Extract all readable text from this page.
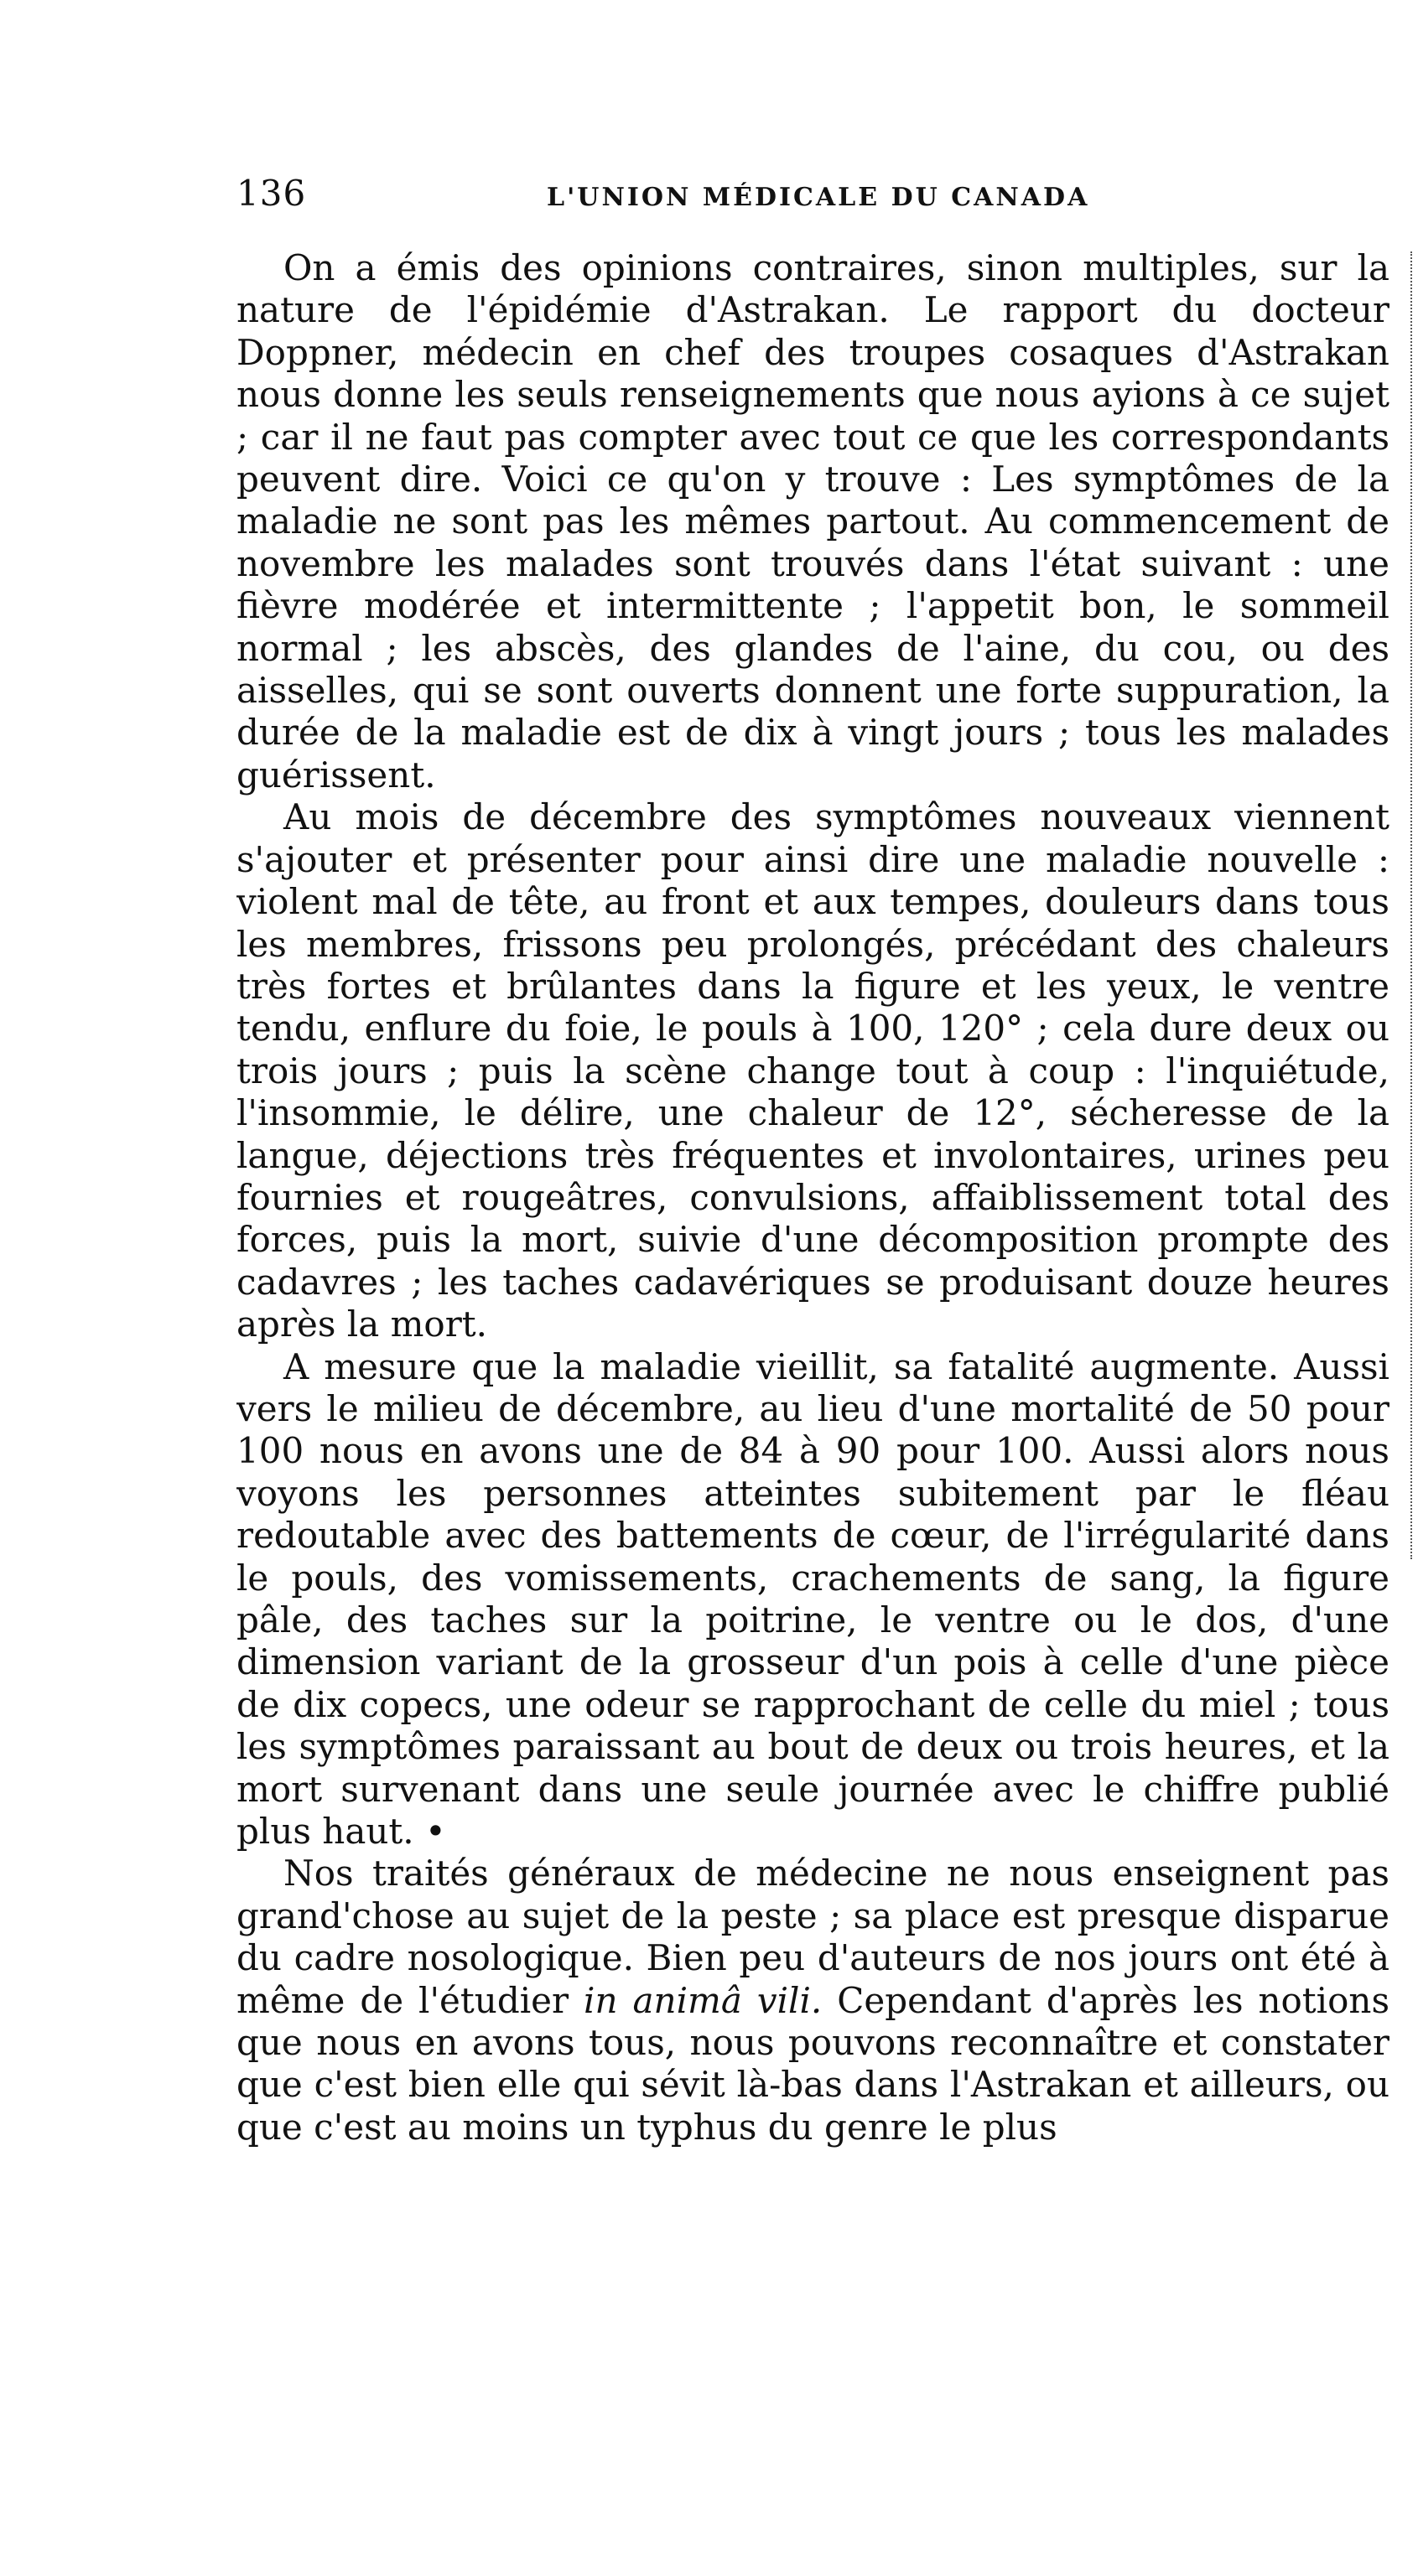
136	L'UNION MÉDICALE DU CANADA

On a émis des opinions contraires, sinon multiples, sur la nature de l'épidémie d'Astrakan. Le rapport du docteur Doppner, médecin en chef des troupes cosaques d'Astrakan nous donne les seuls renseignements que nous ayions à ce sujet ; car il ne faut pas compter avec tout ce que les correspondants peuvent dire. Voici ce qu'on y trouve : Les symptômes de la maladie ne sont pas les mêmes partout. Au commencement de novembre les malades sont trouvés dans l'état suivant : une fièvre modérée et intermittente ; l'appetit bon, le sommeil normal ; les abscès, des glandes de l'aine, du cou, ou des aisselles, qui se sont ouverts donnent une forte suppuration, la durée de la maladie est de dix à vingt jours ; tous les malades guérissent.

Au mois de décembre des symptômes nouveaux viennent s'ajouter et présenter pour ainsi dire une maladie nouvelle : violent mal de tête, au front et aux tempes, douleurs dans tous les membres, frissons peu prolongés, précédant des chaleurs très fortes et brûlantes dans la figure et les yeux, le ventre tendu, enflure du foie, le pouls à 100, 120° ; cela dure deux ou trois jours ; puis la scène change tout à coup : l'inquiétude, l'insommie, le délire, une chaleur de 12°, sécheresse de la langue, déjections très fréquentes et involontaires, urines peu fournies et rougeâtres, convulsions, affaiblissement total des forces, puis la mort, suivie d'une décomposition prompte des cadavres ; les taches cadavériques se produisant douze heures après la mort.

A mesure que la maladie vieillit, sa fatalité augmente. Aussi vers le milieu de décembre, au lieu d'une mortalité de 50 pour 100 nous en avons une de 84 à 90 pour 100. Aussi alors nous voyons les personnes atteintes subitement par le fléau redoutable avec des battements de cœur, de l'irrégularité dans le pouls, des vomissements, crachements de sang, la figure pâle, des taches sur la poitrine, le ventre ou le dos, d'une dimension variant de la grosseur d'un pois à celle d'une pièce de dix copecs, une odeur se rapprochant de celle du miel ; tous les symptômes paraissant au bout de deux ou trois heures, et la mort survenant dans une seule journée avec le chiffre publié plus haut. •

Nos traités généraux de médecine ne nous enseignent pas grand'chose au sujet de la peste ; sa place est presque disparue du cadre nosologique. Bien peu d'auteurs de nos jours ont été à même de l'étudier in animâ vili. Cependant d'après les notions que nous en avons tous, nous pouvons reconnaître et constater que c'est bien elle qui sévit là-bas dans l'Astrakan et ailleurs, ou que c'est au moins un typhus du genre le plus
